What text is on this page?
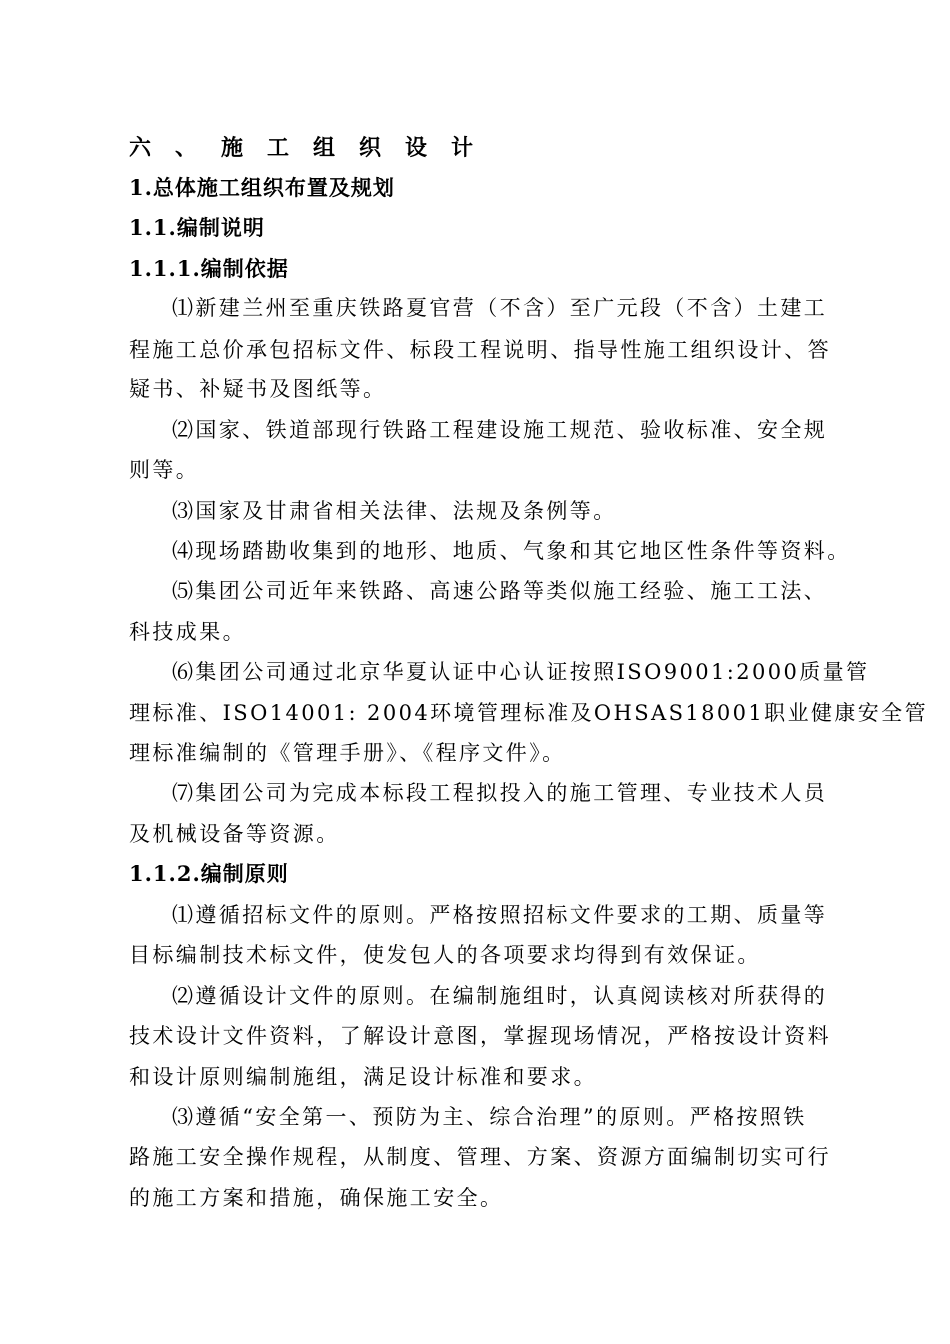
六、施工组织设计
1.总体施工组织布置及规划
1.1.编制说明
1.1.1.编制依据
⑴新建兰州至重庆铁路夏官营（不含）至广元段（不含）土建工
程施工总价承包招标文件、标段工程说明、指导性施工组织设计、答
疑书、补疑书及图纸等。
⑵国家、铁道部现行铁路工程建设施工规范、验收标准、安全规
则等。
⑶国家及甘肃省相关法律、法规及条例等。
⑷现场踏勘收集到的地形、地质、气象和其它地区性条件等资料。
⑸集团公司近年来铁路、高速公路等类似施工经验、施工工法、
科技成果。
⑹集团公司通过北京华夏认证中心认证按照ISO9001:2000质量管
理标准、ISO14001: 2004环境管理标准及OHSAS18001职业健康安全管
理标准编制的《管理手册》、《程序文件》。
⑺集团公司为完成本标段工程拟投入的施工管理、专业技术人员
及机械设备等资源。
1.1.2.编制原则
⑴遵循招标文件的原则。严格按照招标文件要求的工期、质量等
目标编制技术标文件，使发包人的各项要求均得到有效保证。
⑵遵循设计文件的原则。在编制施组时，认真阅读核对所获得的
技术设计文件资料，了解设计意图，掌握现场情况，严格按设计资料
和设计原则编制施组，满足设计标准和要求。
⑶遵循“安全第一、预防为主、综合治理”的原则。严格按照铁
路施工安全操作规程，从制度、管理、方案、资源方面编制切实可行
的施工方案和措施，确保施工安全。
